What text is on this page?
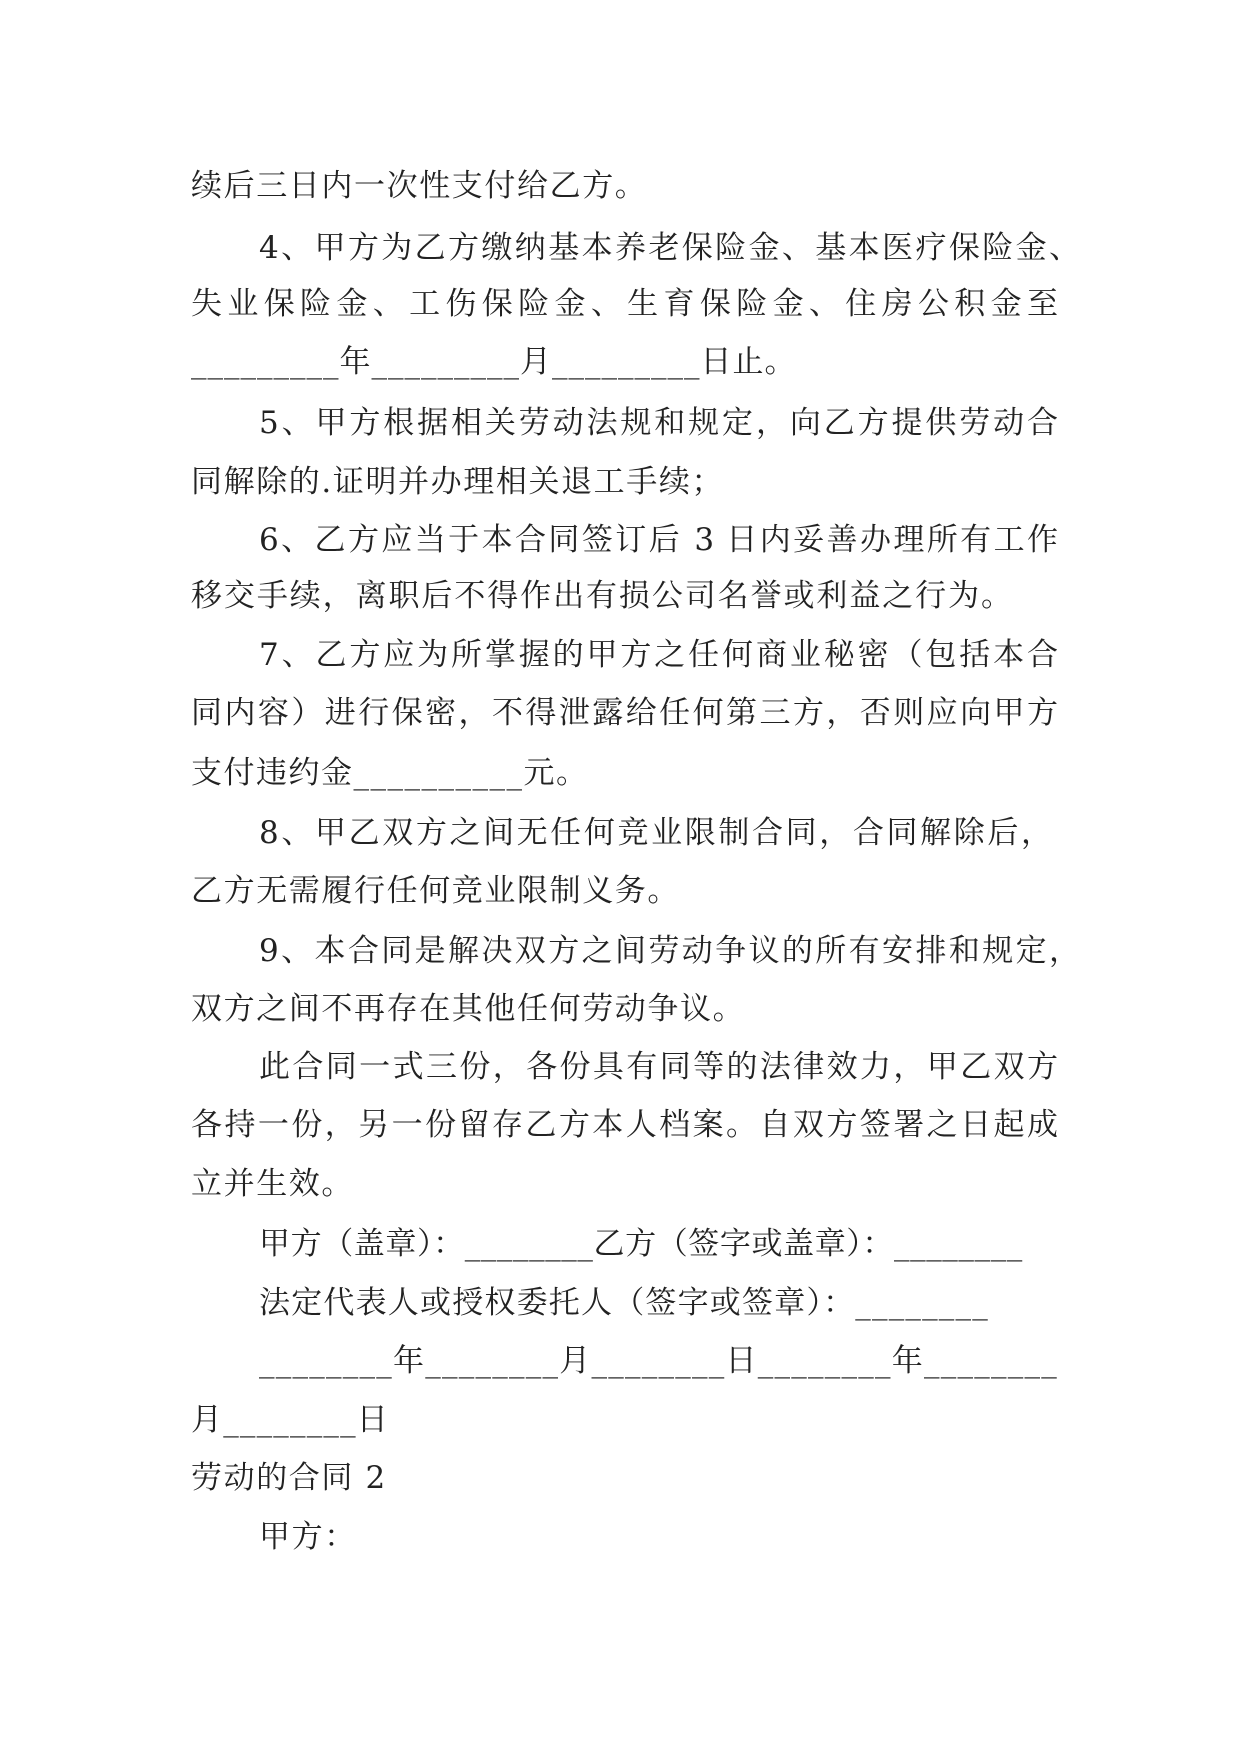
续后三日内一次性支付给乙方。
4、甲方为乙方缴纳基本养老保险金、基本医疗保险金、
失业保险金、工伤保险金、生育保险金、住房公积金至
_________年_________月_________日止。
5、甲方根据相关劳动法规和规定，向乙方提供劳动合
同解除的.证明并办理相关退工手续；
6、乙方应当于本合同签订后 3 日内妥善办理所有工作
移交手续，离职后不得作出有损公司名誉或利益之行为。
7、乙方应为所掌握的甲方之任何商业秘密（包括本合
同内容）进行保密，不得泄露给任何第三方，否则应向甲方
支付违约金__________元。
8、甲乙双方之间无任何竞业限制合同，合同解除后，
乙方无需履行任何竞业限制义务。
9、本合同是解决双方之间劳动争议的所有安排和规定，
双方之间不再存在其他任何劳动争议。
此合同一式三份，各份具有同等的法律效力，甲乙双方
各持一份，另一份留存乙方本人档案。自双方签署之日起成
立并生效。
甲方（盖章）：________乙方（签字或盖章）：________
法定代表人或授权委托人（签字或签章）：________
________年________月________日________年________
月________日
劳动的合同 2
甲方：
